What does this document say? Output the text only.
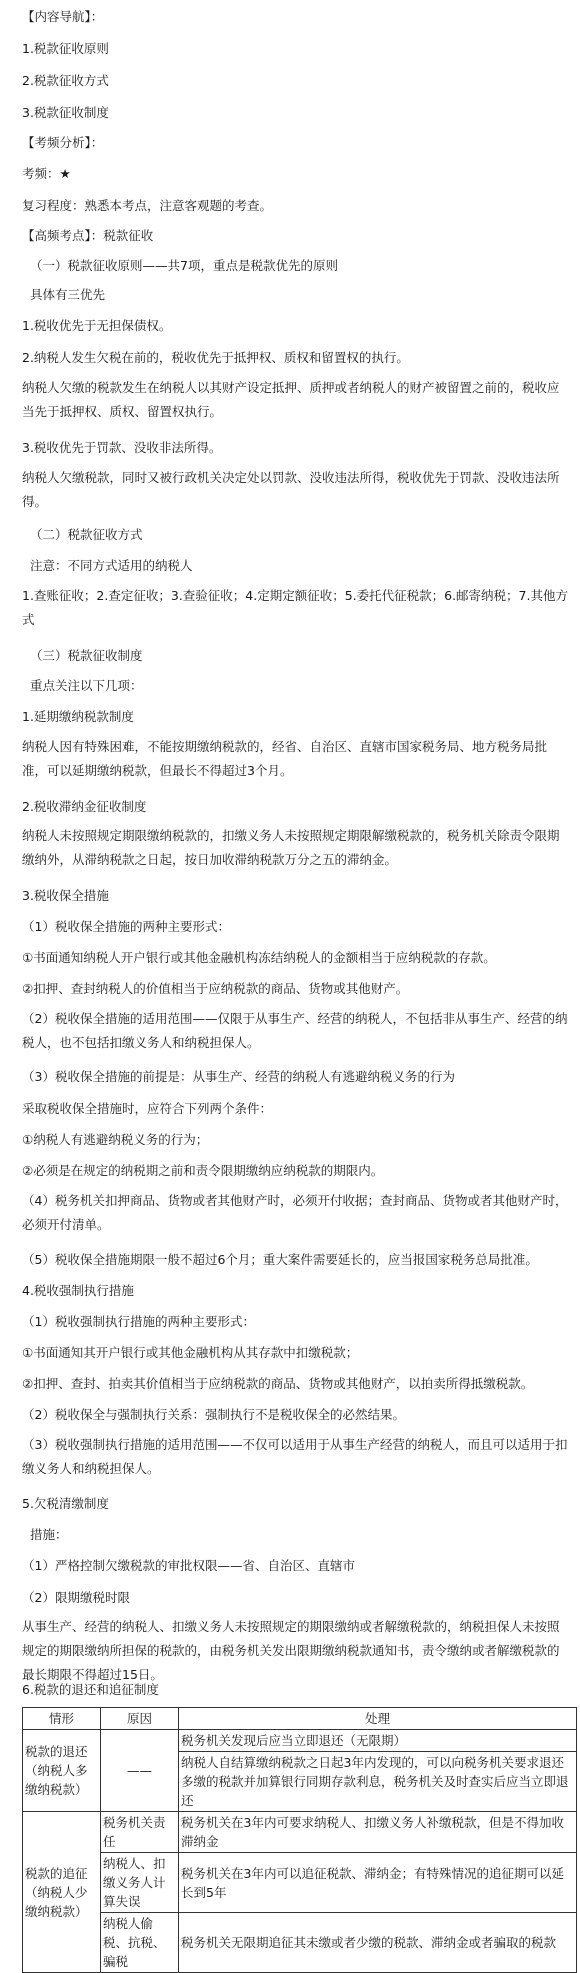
【内容导航】：

1.税款征收原则

2.税款征收方式

3.税款征收制度

【考频分析】：

考频：★

复习程度：熟悉本考点，注意客观题的考查。

【高频考点】：税款征收

（一）税款征收原则——共7项，重点是税款优先的原则

具体有三优先

1.税收优先于无担保债权。

2.纳税人发生欠税在前的，税收优先于抵押权、质权和留置权的执行。

纳税人欠缴的税款发生在纳税人以其财产设定抵押、质押或者纳税人的财产被留置之前的，税收应当先于抵押权、质权、留置权执行。

3.税收优先于罚款、没收非法所得。

纳税人欠缴税款，同时又被行政机关决定处以罚款、没收违法所得，税收优先于罚款、没收违法所得。

（二）税款征收方式

注意：不同方式适用的纳税人

1.查账征收；2.查定征收；3.查验征收；4.定期定额征收；5.委托代征税款；6.邮寄纳税；7.其他方式

（三）税款征收制度

重点关注以下几项：

1.延期缴纳税款制度

纳税人因有特殊困难，不能按期缴纳税款的，经省、自治区、直辖市国家税务局、地方税务局批准，可以延期缴纳税款，但最长不得超过3个月。

2.税收滞纳金征收制度

纳税人未按照规定期限缴纳税款的，扣缴义务人未按照规定期限解缴税款的，税务机关除责令限期缴纳外，从滞纳税款之日起，按日加收滞纳税款万分之五的滞纳金。

3.税收保全措施

（1）税收保全措施的两种主要形式：

①书面通知纳税人开户银行或其他金融机构冻结纳税人的金额相当于应纳税款的存款。

②扣押、查封纳税人的价值相当于应纳税款的商品、货物或其他财产。

（2）税收保全措施的适用范围——仅限于从事生产、经营的纳税人，不包括非从事生产、经营的纳税人，也不包括扣缴义务人和纳税担保人。

（3）税收保全措施的前提是：从事生产、经营的纳税人有逃避纳税义务的行为

采取税收保全措施时，应符合下列两个条件：

①纳税人有逃避纳税义务的行为；

②必须是在规定的纳税期之前和责令限期缴纳应纳税款的期限内。

（4）税务机关扣押商品、货物或者其他财产时，必须开付收据；查封商品、货物或者其他财产时，必须开付清单。

（5）税收保全措施期限一般不超过6个月；重大案件需要延长的，应当报国家税务总局批准。

4.税收强制执行措施

（1）税收强制执行措施的两种主要形式：

①书面通知其开户银行或其他金融机构从其存款中扣缴税款；

②扣押、查封、拍卖其价值相当于应纳税款的商品、货物或其他财产，以拍卖所得抵缴税款。

（2）税收保全与强制执行关系：强制执行不是税收保全的必然结果。

（3）税收强制执行措施的适用范围——不仅可以适用于从事生产经营的纳税人，而且可以适用于扣缴义务人和纳税担保人。

5.欠税清缴制度

措施：

（1）严格控制欠缴税款的审批权限——省、自治区、直辖市

（2）限期缴税时限

从事生产、经营的纳税人、扣缴义务人未按照规定的期限缴纳或者解缴税款的，纳税担保人未按照规定的期限缴纳所担保的税款的，由税务机关发出限期缴纳税款通知书，责令缴纳或者解缴税款的最长期限不得超过15日。

6.税款的退还和追征制度

情形	原因	处理
税款的退还（纳税人多缴纳税款）	——	税务机关发现后应当立即退还（无限期）
		纳税人自结算缴纳税款之日起3年内发现的，可以向税务机关要求退还多缴的税款并加算银行同期存款利息，税务机关及时查实后应当立即退还
税款的追征（纳税人少缴纳税款）	税务机关责任	税务机关在3年内可要求纳税人、扣缴义务人补缴税款，但是不得加收滞纳金
	纳税人、扣缴义务人计算失误	税务机关在3年内可以追征税款、滞纳金；有特殊情况的追征期可以延长到5年
	纳税人偷税、抗税、骗税	税务机关无限期追征其未缴或者少缴的税款、滞纳金或者骗取的税款
